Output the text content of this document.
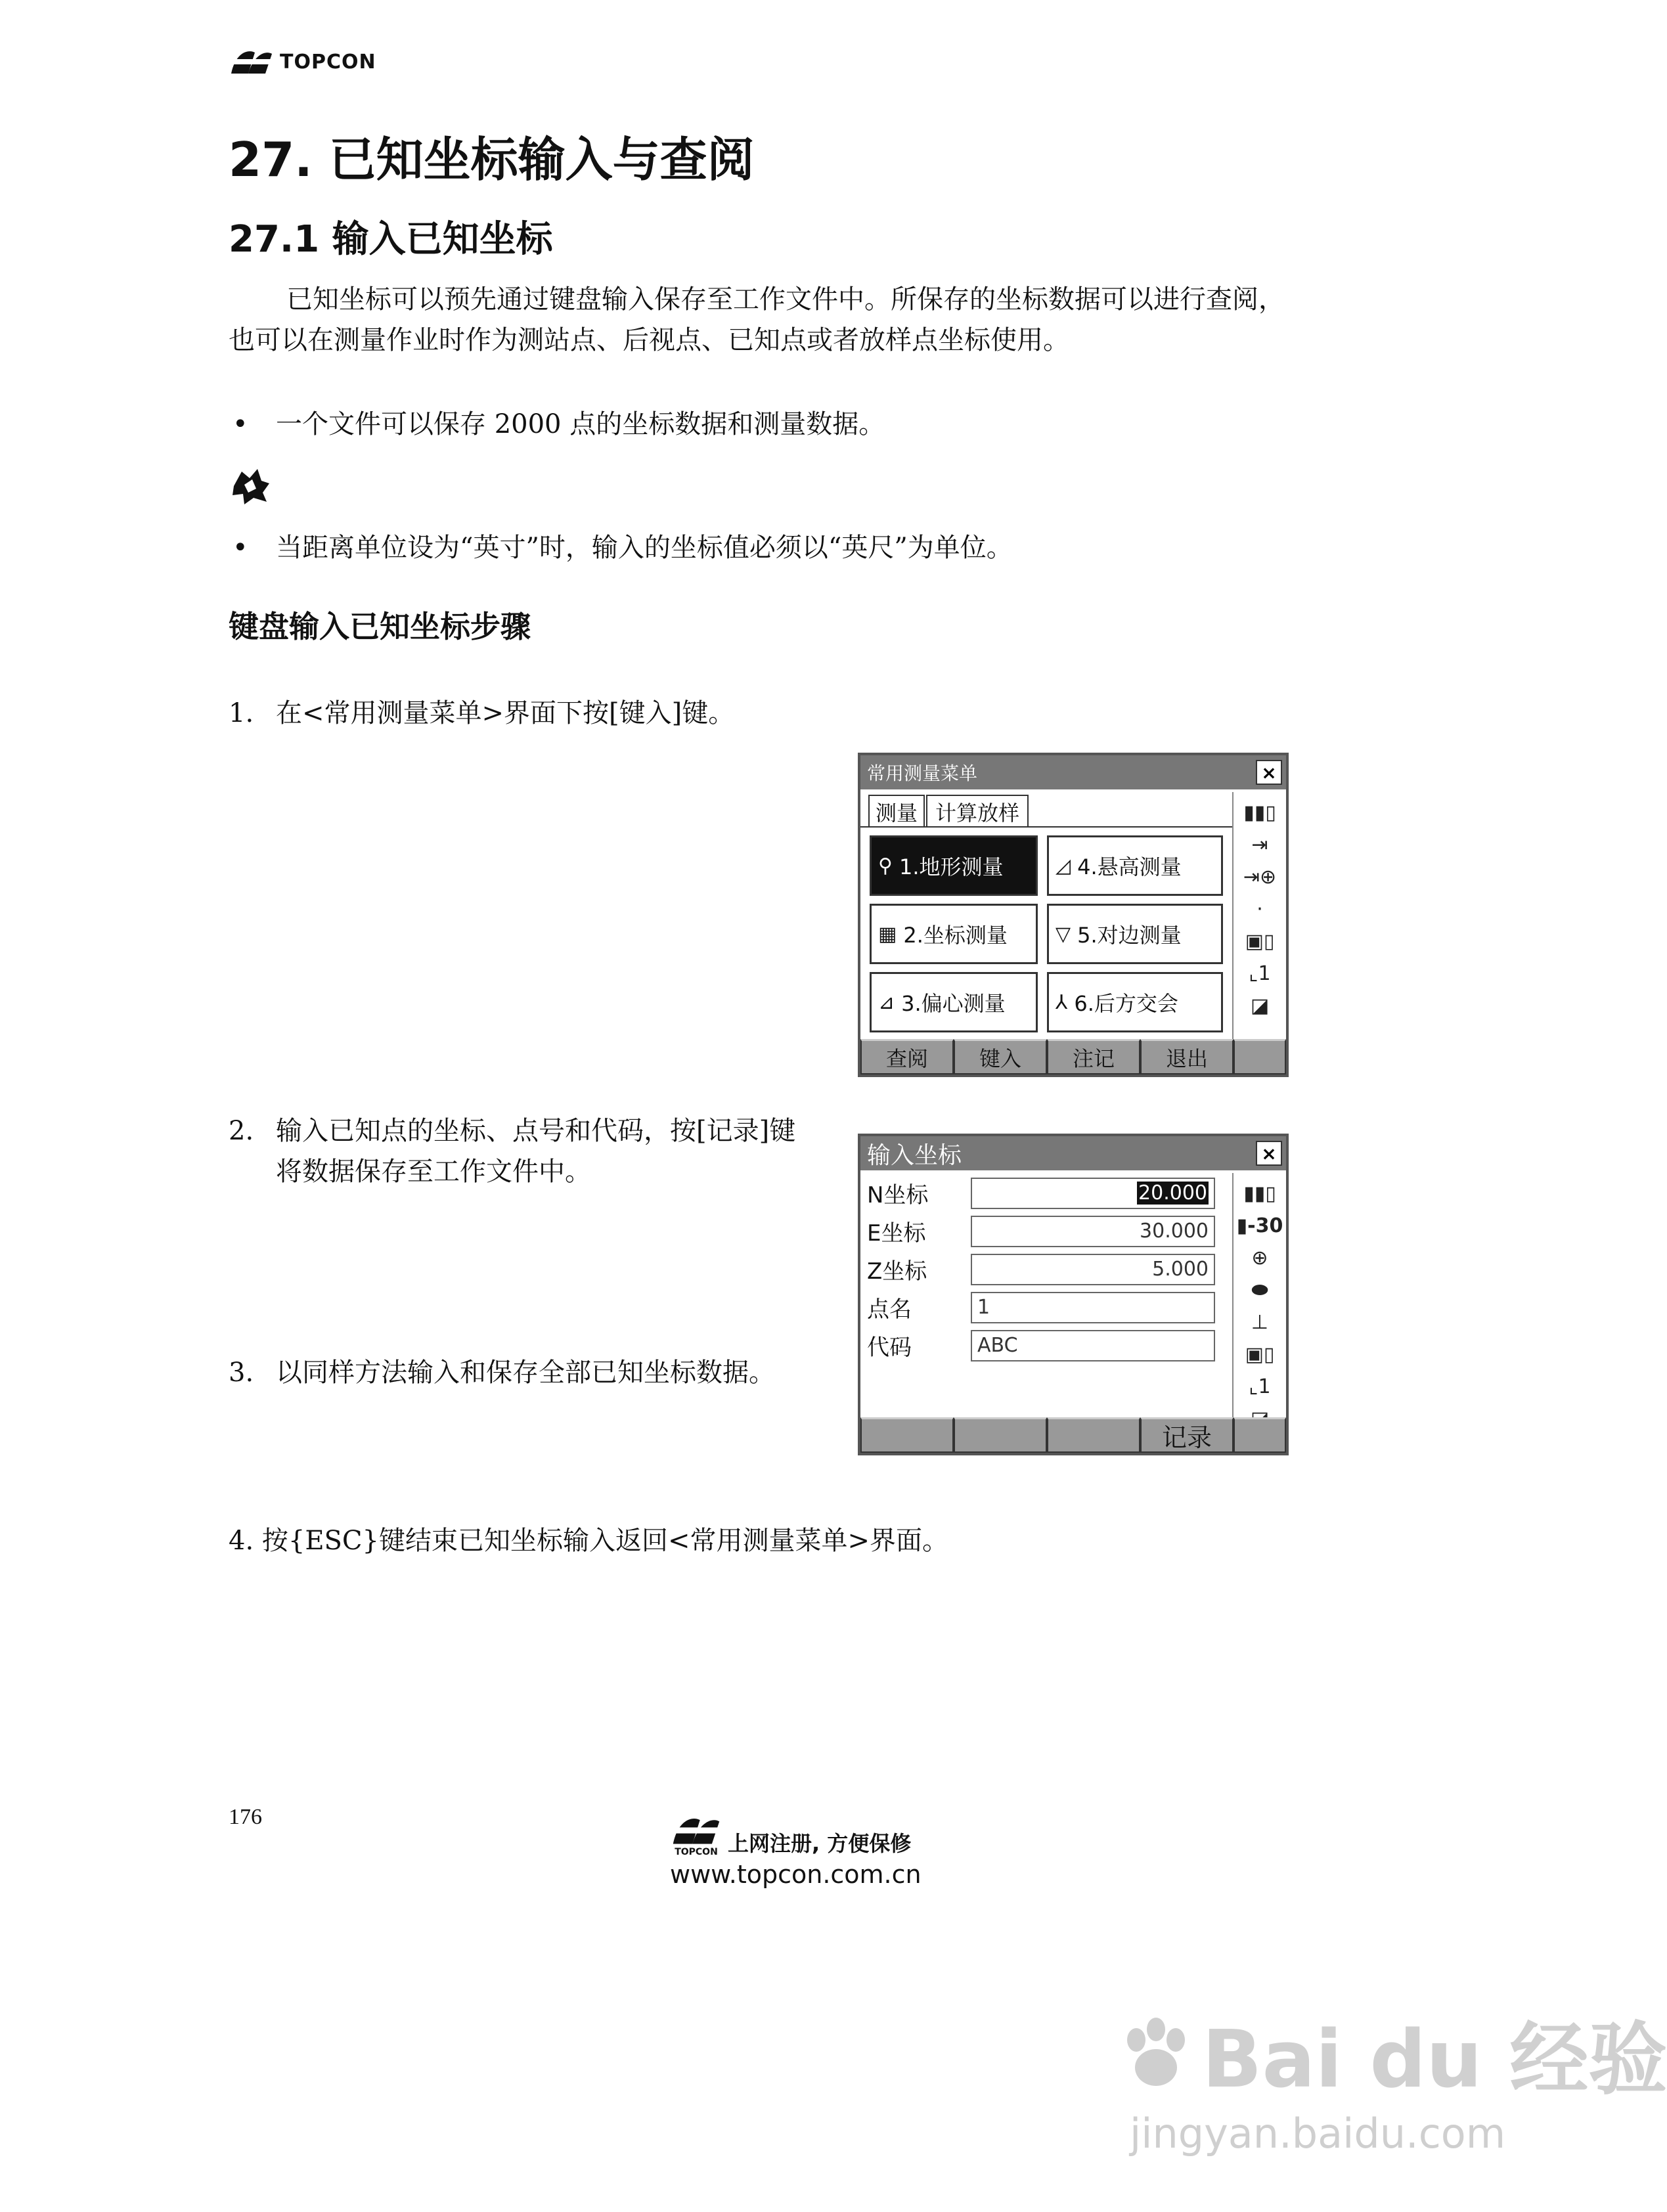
TOPCON
27. 已知坐标输入与查阅
27.1 输入已知坐标
已知坐标可以预先通过键盘输入保存至工作文件中。所保存的坐标数据可以进行查阅，
也可以在测量作业时作为测站点、后视点、已知点或者放样点坐标使用。
• 一个文件可以保存 2000 点的坐标数据和测量数据。
• 当距离单位设为“英寸”时，输入的坐标值必须以“英尺”为单位。
键盘输入已知坐标步骤
1. 在<常用测量菜单>界面下按[键入]键。
常用测量菜单	×
测量 计算放样
⚲ 1.地形测量	◿ 4.悬高测量
▦ 2.坐标测量 ▽ 5.对边测量
⊿ 3.偏心测量	⅄ 6.后方交会
▮▮▯
⇥
⇥⊕
·
▣▯
⌞1
◪
查阅	键入	注记	退出
2. 输入已知点的坐标、点号和代码，按[记录]键
将数据保存至工作文件中。
输入坐标	×
N坐标	20.000
E坐标	30.000
Z坐标	5.000
点名	1
代码	ABC
▮▮▯
▮-30
⊕
⬬
⊥
▣▯
⌞1
记录
3. 以同样方法输入和保存全部已知坐标数据。
4. 按{ESC}键结束已知坐标输入返回<常用测量菜单>界面。
176
TOPCON 上网注册, 方便保修
www.topcon.com.cn
Bai du 经验
jingyan.baidu.com
